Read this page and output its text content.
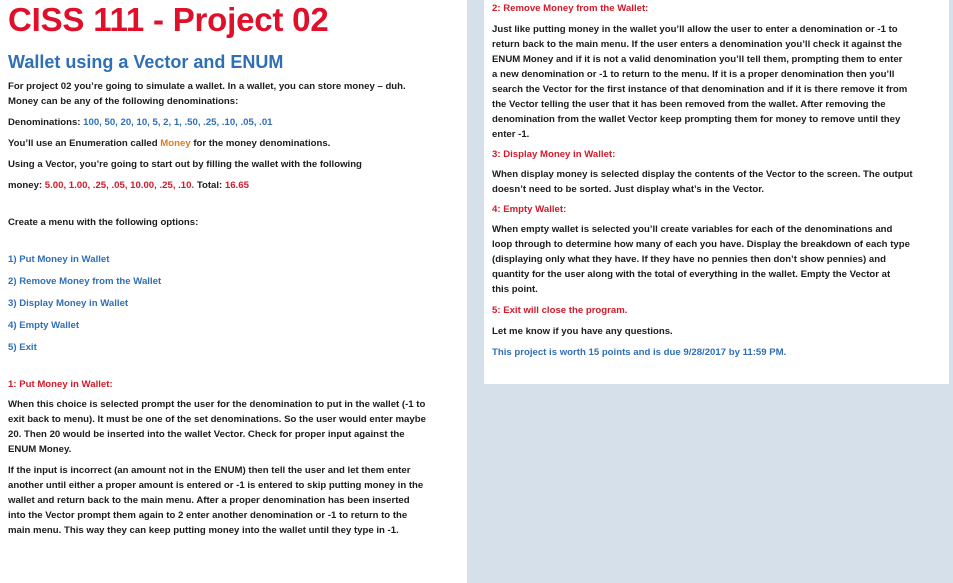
CISS 111 - Project 02
Wallet using a Vector and ENUM

For project 02 you’re going to simulate a wallet. In a wallet, you can store money – duh.

Money can be any of the following denominations:

Denominations: 100, 50, 20, 10, 5, 2, 1, .50, .25, .10, .05, .01

You’ll use an Enumeration called Money for the money denominations.

Using a Vector, you’re going to start out by filling the wallet with the following

money: 5.00, 1.00, .25, .05, 10.00, .25, .10. Total: 16.65

Create a menu with the following options:

1) Put Money in Wallet
2) Remove Money from the Wallet
3) Display Money in Wallet
4) Empty Wallet
5) Exit
1: Put Money in Wallet:
When this choice is selected prompt the user for the denomination to put in the wallet (-1 to
exit back to menu). It must be one of the set denominations. So the user would enter maybe
20. Then 20 would be inserted into the wallet Vector. Check for proper input against the
ENUM Money.
If the input is incorrect (an amount not in the ENUM) then tell the user and let them enter
another until either a proper amount is entered or -1 is entered to skip putting money in the
wallet and return back to the main menu. After a proper denomination has been inserted
into the Vector prompt them again to 2 enter another denomination or -1 to return to the
main menu. This way they can keep putting money into the wallet until they type in -1.
2: Remove Money from the Wallet:
Just like putting money in the wallet you’ll allow the user to enter a denomination or -1 to
return back to the main menu. If the user enters a denomination you’ll check it against the
ENUM Money and if it is not a valid denomination you’ll tell them, prompting them to enter
a new denomination or -1 to return to the menu. If it is a proper denomination then you’ll
search the Vector for the first instance of that denomination and if it is there remove it from
the Vector telling the user that it has been removed from the wallet. After removing the
denomination from the wallet Vector keep prompting them for money to remove until they
enter -1.
3: Display Money in Wallet:
When display money is selected display the contents of the Vector to the screen. The output
doesn’t need to be sorted. Just display what’s in the Vector.
4: Empty Wallet:
When empty wallet is selected you’ll create variables for each of the denominations and
loop through to determine how many of each you have. Display the breakdown of each type
(displaying only what they have. If they have no pennies then don’t show pennies) and
quantity for the user along with the total of everything in the wallet. Empty the Vector at
this point.
5: Exit will close the program.

Let me know if you have any questions.

This project is worth 15 points and is due 9/28/2017 by 11:59 PM.
